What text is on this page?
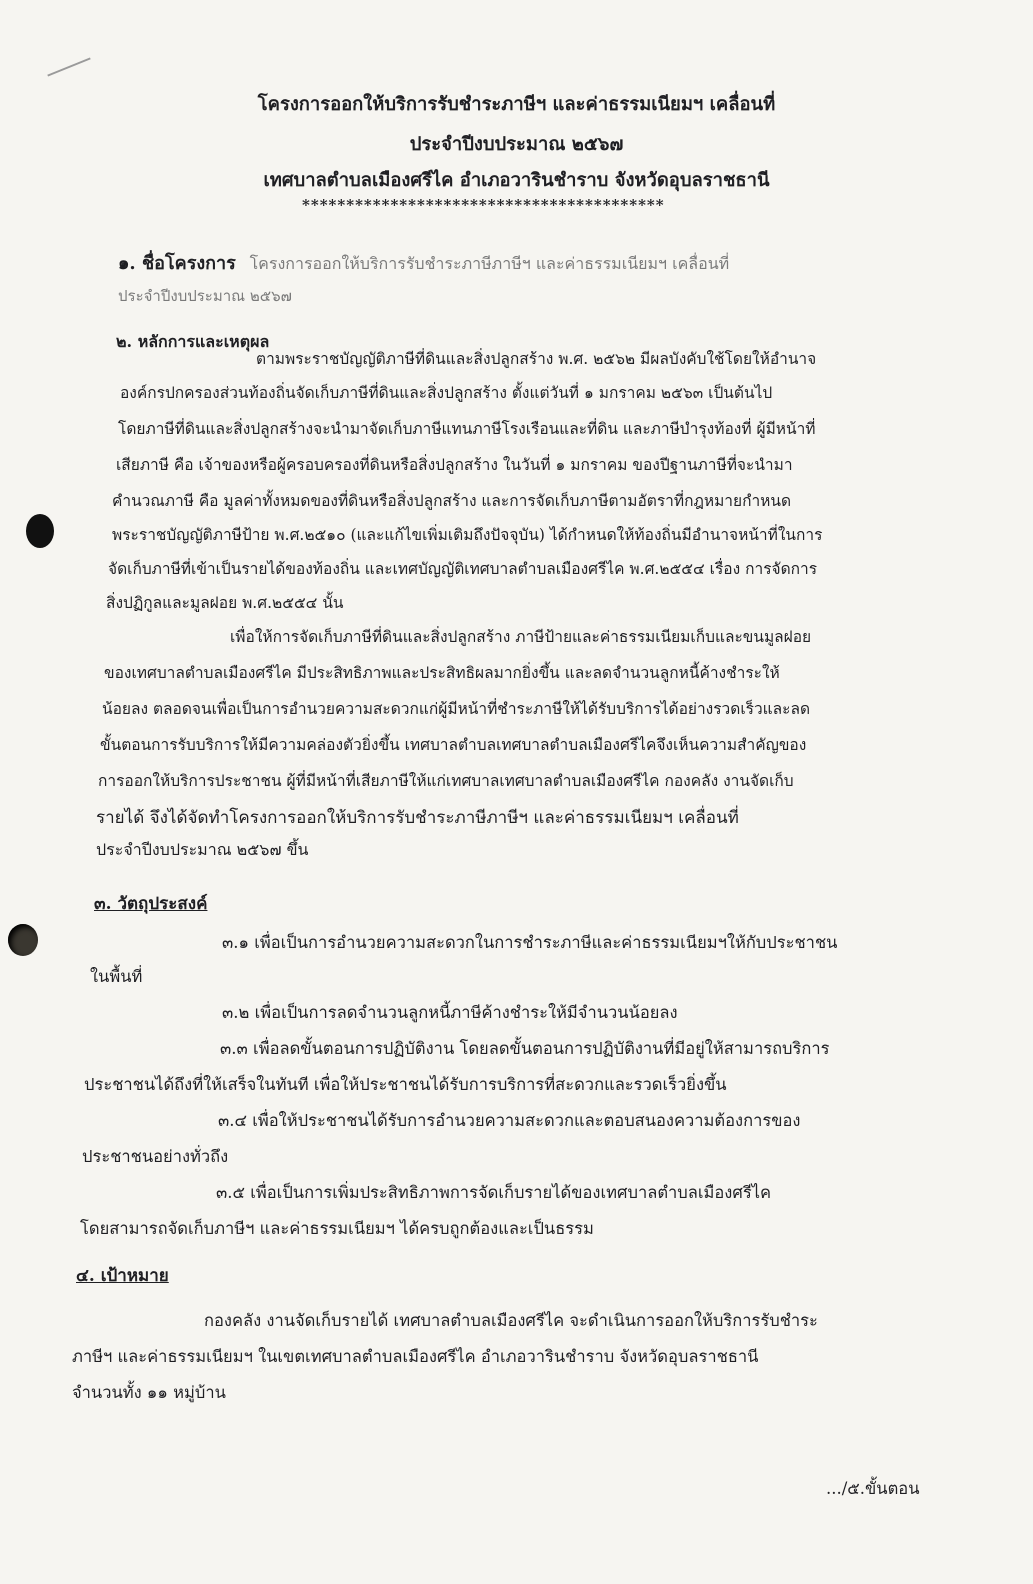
โครงการออกให้บริการรับชำระภาษีฯ และค่าธรรมเนียมฯ เคลื่อนที่
ประจำปีงบประมาณ ๒๕๖๗
เทศบาลตำบลเมืองศรีไค อำเภอวารินชำราบ จังหวัดอุบลราชธานี
*****************************************
๑. ชื่อโครงการ โครงการออกให้บริการรับชำระภาษีภาษีฯ และค่าธรรมเนียมฯ เคลื่อนที่
ประจำปีงบประมาณ ๒๕๖๗
๒. หลักการและเหตุผล
ตามพระราชบัญญัติภาษีที่ดินและสิ่งปลูกสร้าง พ.ศ. ๒๕๖๒ มีผลบังคับใช้โดยให้อำนาจ
องค์กรปกครองส่วนท้องถิ่นจัดเก็บภาษีที่ดินและสิ่งปลูกสร้าง ตั้งแต่วันที่ ๑ มกราคม ๒๕๖๓ เป็นต้นไป
โดยภาษีที่ดินและสิ่งปลูกสร้างจะนำมาจัดเก็บภาษีแทนภาษีโรงเรือนและที่ดิน และภาษีบำรุงท้องที่ ผู้มีหน้าที่
เสียภาษี คือ เจ้าของหรือผู้ครอบครองที่ดินหรือสิ่งปลูกสร้าง ในวันที่ ๑ มกราคม ของปีฐานภาษีที่จะนำมา
คำนวณภาษี คือ มูลค่าทั้งหมดของที่ดินหรือสิ่งปลูกสร้าง และการจัดเก็บภาษีตามอัตราที่กฎหมายกำหนด
พระราชบัญญัติภาษีป้าย พ.ศ.๒๕๑๐ (และแก้ไขเพิ่มเติมถึงปัจจุบัน) ได้กำหนดให้ท้องถิ่นมีอำนาจหน้าที่ในการ
จัดเก็บภาษีที่เข้าเป็นรายได้ของท้องถิ่น และเทศบัญญัติเทศบาลตำบลเมืองศรีไค พ.ศ.๒๕๕๔ เรื่อง การจัดการ
สิ่งปฏิกูลและมูลฝอย พ.ศ.๒๕๕๔ นั้น
เพื่อให้การจัดเก็บภาษีที่ดินและสิ่งปลูกสร้าง ภาษีป้ายและค่าธรรมเนียมเก็บและขนมูลฝอย
ของเทศบาลตำบลเมืองศรีไค มีประสิทธิภาพและประสิทธิผลมากยิ่งขึ้น และลดจำนวนลูกหนี้ค้างชำระให้
น้อยลง ตลอดจนเพื่อเป็นการอำนวยความสะดวกแก่ผู้มีหน้าที่ชำระภาษีให้ได้รับบริการได้อย่างรวดเร็วและลด
ขั้นตอนการรับบริการให้มีความคล่องตัวยิ่งขึ้น เทศบาลตำบลเทศบาลตำบลเมืองศรีไคจึงเห็นความสำคัญของ
การออกให้บริการประชาชน ผู้ที่มีหน้าที่เสียภาษีให้แก่เทศบาลเทศบาลตำบลเมืองศรีไค กองคลัง งานจัดเก็บ
รายได้ จึงได้จัดทำโครงการออกให้บริการรับชำระภาษีภาษีฯ และค่าธรรมเนียมฯ เคลื่อนที่
ประจำปีงบประมาณ ๒๕๖๗ ขึ้น
๓. วัตถุประสงค์
๓.๑ เพื่อเป็นการอำนวยความสะดวกในการชำระภาษีและค่าธรรมเนียมฯให้กับประชาชน
ในพื้นที่
๓.๒ เพื่อเป็นการลดจำนวนลูกหนี้ภาษีค้างชำระให้มีจำนวนน้อยลง
๓.๓ เพื่อลดขั้นตอนการปฏิบัติงาน โดยลดขั้นตอนการปฏิบัติงานที่มีอยู่ให้สามารถบริการ
ประชาชนได้ถึงที่ให้เสร็จในทันที เพื่อให้ประชาชนได้รับการบริการที่สะดวกและรวดเร็วยิ่งขึ้น
๓.๔ เพื่อให้ประชาชนได้รับการอำนวยความสะดวกและตอบสนองความต้องการของ
ประชาชนอย่างทั่วถึง
๓.๕ เพื่อเป็นการเพิ่มประสิทธิภาพการจัดเก็บรายได้ของเทศบาลตำบลเมืองศรีไค
โดยสามารถจัดเก็บภาษีฯ และค่าธรรมเนียมฯ ได้ครบถูกต้องและเป็นธรรม
๔. เป้าหมาย
กองคลัง งานจัดเก็บรายได้ เทศบาลตำบลเมืองศรีไค จะดำเนินการออกให้บริการรับชำระ
ภาษีฯ และค่าธรรมเนียมฯ ในเขตเทศบาลตำบลเมืองศรีไค อำเภอวารินชำราบ จังหวัดอุบลราชธานี
จำนวนทั้ง ๑๑ หมู่บ้าน
.../๕.ขั้นตอน
